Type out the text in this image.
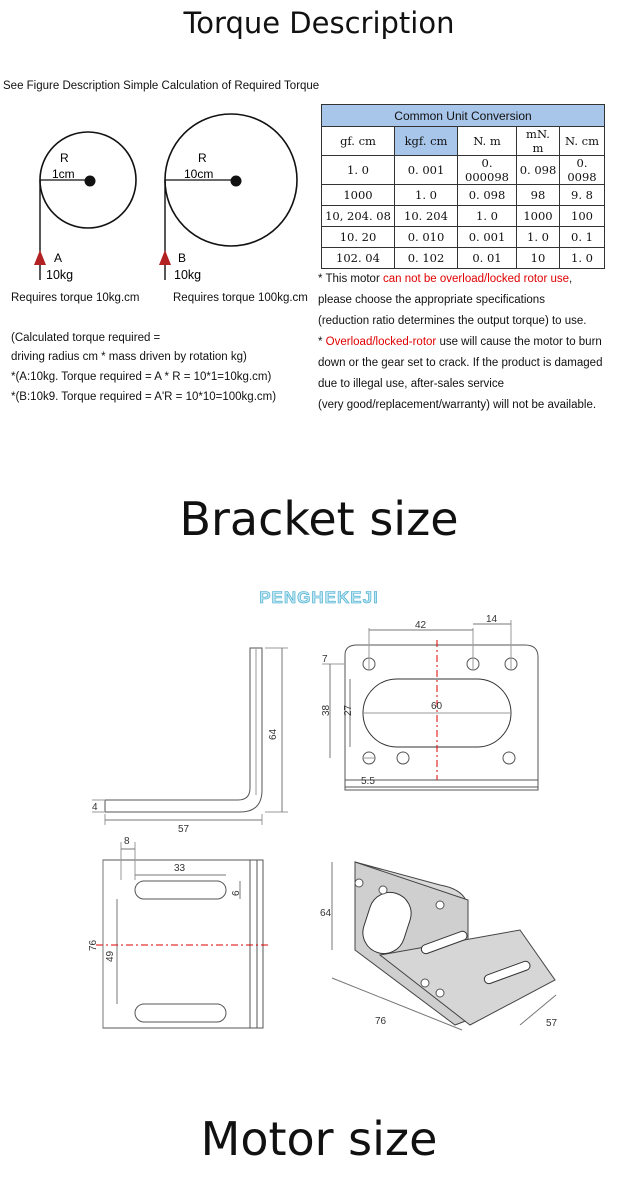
Torque Description
See Figure Description Simple Calculation of Required Torque
R
1cm
A
10kg
R
10cm
B
10kg
Requires torque 10kg.cm	Requires torque 100kg.cm
(Calculated torque required =
driving radius cm * mass driven by rotation kg)
*(A:10kg. Torque required = A * R = 10*1=10kg.cm)
*(B:10k9. Torque required = A'R = 10*10=100kg.cm)
Common Unit Conversion				
gf. cm	kgf. cm	N. m	mN. m	N. cm
1. 0	0. 001	0. 000098	0. 098	0. 0098
1000	1. 0	0. 098	98	9. 8
10, 204. 08	10. 204	1. 0	1000	100
10. 20	0. 010	0. 001	1. 0	0. 1
102. 04	0. 102	0. 01	10	1. 0
* This motor can not be overload/locked rotor use,
please choose the appropriate specifications
(reduction ratio determines the output torque) to use.
* Overload/locked-rotor use will cause the motor to burn
down or the gear set to crack. If the product is damaged
due to illegal use, after-sales service
(very good/replacement/warranty) will not be available.
Bracket size
PENGHEKEJI
64
4
57
42
14
7
38 27	60
5.5
8
33
6
76
49
64
76	57
Motor size
